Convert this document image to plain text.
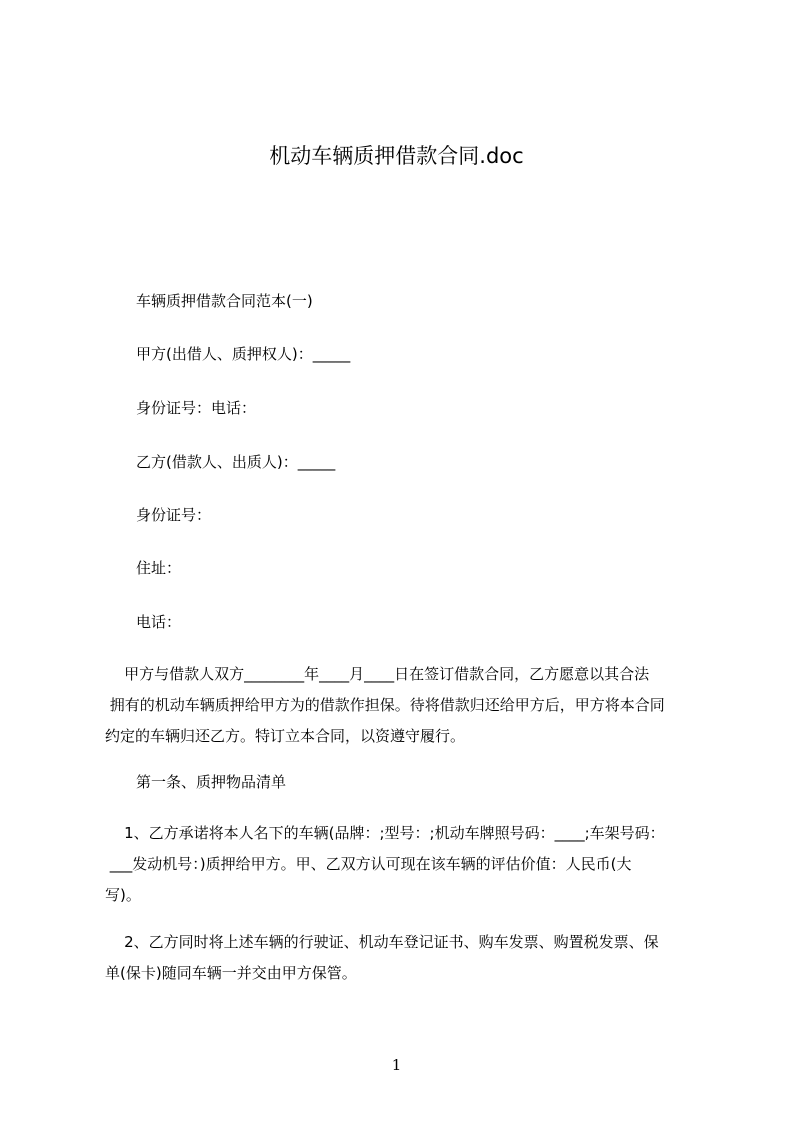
机动车辆质押借款合同.doc
车辆质押借款合同范本(一)
甲方(出借人、质押权人)：_____
身份证号：电话：
乙方(借款人、出质人)：_____
身份证号：
住址：
电话：
甲方与借款人双方________年____月____日在签订借款合同，乙方愿意以其合法
拥有的机动车辆质押给甲方为的借款作担保。待将借款归还给甲方后，甲方将本合同
约定的车辆归还乙方。特订立本合同，以资遵守履行。
第一条、质押物品清单
1、乙方承诺将本人名下的车辆(品牌：;型号：;机动车牌照号码：____;车架号码：
___发动机号：)质押给甲方。甲、乙双方认可现在该车辆的评估价值：人民币(大
写)。
2、乙方同时将上述车辆的行驶证、机动车登记证书、购车发票、购置税发票、保
单(保卡)随同车辆一并交由甲方保管。
1
